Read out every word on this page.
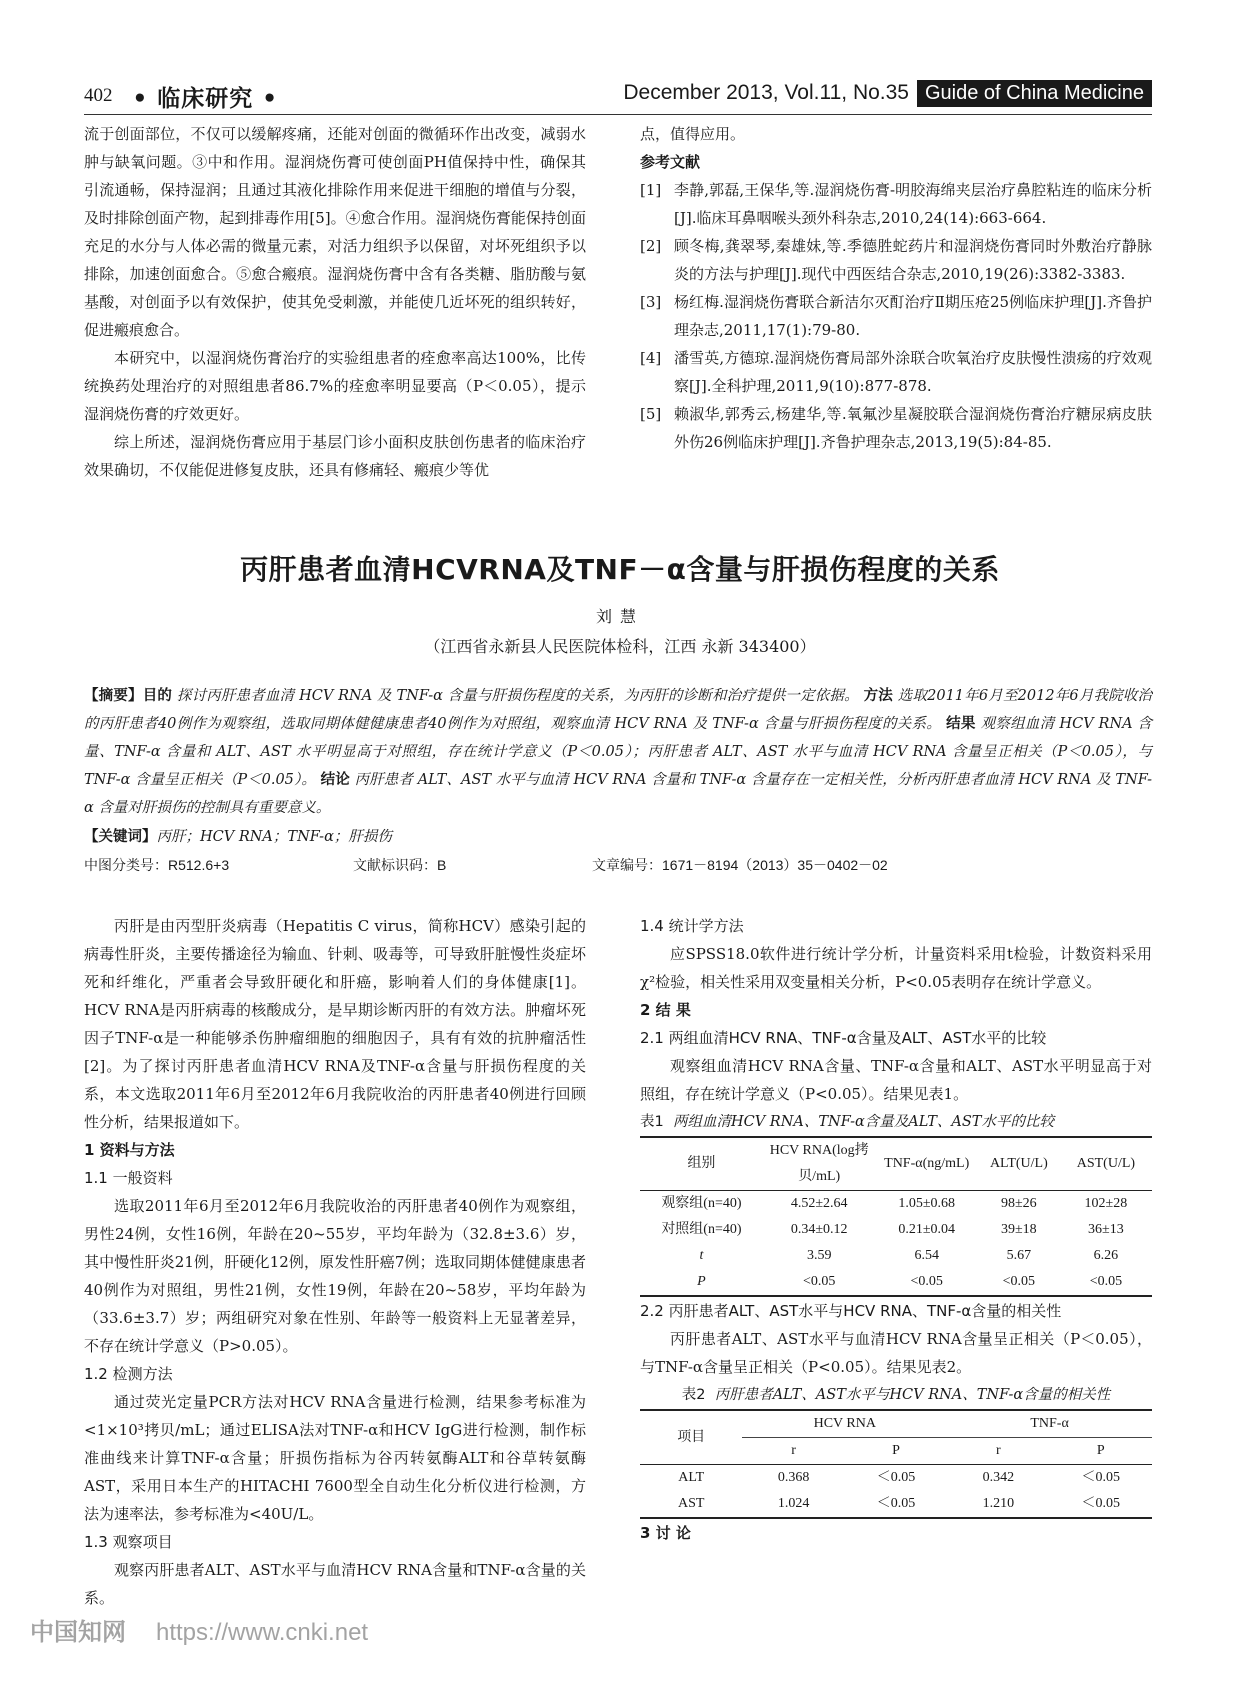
402 • 临床研究 •	December 2013, Vol.11, No.35 Guide of China Medicine

流于创面部位，不仅可以缓解疼痛，还能对创面的微循环作出改变，减弱水肿与缺氧问题。③中和作用。湿润烧伤膏可使创面PH值保持中性，确保其引流通畅，保持湿润；且通过其液化排除作用来促进干细胞的增值与分裂，及时排除创面产物，起到排毒作用[5]。④愈合作用。湿润烧伤膏能保持创面充足的水分与人体必需的微量元素，对活力组织予以保留，对坏死组织予以排除，加速创面愈合。⑤愈合瘢痕。湿润烧伤膏中含有各类糖、脂肪酸与氨基酸，对创面予以有效保护，使其免受刺激，并能使几近坏死的组织转好，促进瘢痕愈合。

本研究中，以湿润烧伤膏治疗的实验组患者的痊愈率高达100%，比传统换药处理治疗的对照组患者86.7%的痊愈率明显要高（P＜0.05），提示湿润烧伤膏的疗效更好。

综上所述，湿润烧伤膏应用于基层门诊小面积皮肤创伤患者的临床治疗效果确切，不仅能促进修复皮肤，还具有修痛轻、瘢痕少等优

点，值得应用。

参考文献

[1] 李静,郭磊,王保华,等.湿润烧伤膏-明胶海绵夹层治疗鼻腔粘连的临床分析[J].临床耳鼻咽喉头颈外科杂志,2010,24(14):663-664.
[2] 顾冬梅,龚翠琴,秦雄妹,等.季德胜蛇药片和湿润烧伤膏同时外敷治疗静脉炎的方法与护理[J].现代中西医结合杂志,2010,19(26):3382-3383.
[3] 杨红梅.湿润烧伤膏联合新洁尔灭酊治疗Ⅱ期压疮25例临床护理[J].齐鲁护理杂志,2011,17(1):79-80.
[4] 潘雪英,方德琼.湿润烧伤膏局部外涂联合吹氧治疗皮肤慢性溃疡的疗效观察[J].全科护理,2011,9(10):877-878.
[5] 赖淑华,郭秀云,杨建华,等.氧氟沙星凝胶联合湿润烧伤膏治疗糖尿病皮肤外伤26例临床护理[J].齐鲁护理杂志,2013,19(5):84-85.
丙肝患者血清HCVRNA及TNF－α含量与肝损伤程度的关系
刘慧
（江西省永新县人民医院体检科，江西 永新 343400）
【摘要】目的 探讨丙肝患者血清 HCV RNA 及 TNF-α 含量与肝损伤程度的关系，为丙肝的诊断和治疗提供一定依据。 方法 选取2011年6月至2012年6月我院收治的丙肝患者40例作为观察组，选取同期体健健康患者40例作为对照组，观察血清 HCV RNA 及 TNF-α 含量与肝损伤程度的关系。 结果 观察组血清 HCV RNA 含量、TNF-α 含量和 ALT、AST 水平明显高于对照组，存在统计学意义（P＜0.05）；丙肝患者 ALT、AST 水平与血清 HCV RNA 含量呈正相关（P＜0.05），与 TNF-α 含量呈正相关（P＜0.05）。 结论 丙肝患者 ALT、AST 水平与血清 HCV RNA 含量和 TNF-α 含量存在一定相关性，分析丙肝患者血清 HCV RNA 及 TNF-α 含量对肝损伤的控制具有重要意义。
【关键词】丙肝；HCV RNA；TNF-α；肝损伤
中图分类号：R512.6+3	文献标识码：B	文章编号：1671－8194（2013）35－0402－02

丙肝是由丙型肝炎病毒（Hepatitis C virus，简称HCV）感染引起的病毒性肝炎，主要传播途径为输血、针刺、吸毒等，可导致肝脏慢性炎症坏死和纤维化，严重者会导致肝硬化和肝癌，影响着人们的身体健康[1]。HCV RNA是丙肝病毒的核酸成分，是早期诊断丙肝的有效方法。肿瘤坏死因子TNF-α是一种能够杀伤肿瘤细胞的细胞因子，具有有效的抗肿瘤活性[2]。为了探讨丙肝患者血清HCV RNA及TNF-α含量与肝损伤程度的关系，本文选取2011年6月至2012年6月我院收治的丙肝患者40例进行回顾性分析，结果报道如下。

1 资料与方法

1.1 一般资料

选取2011年6月至2012年6月我院收治的丙肝患者40例作为观察组，男性24例，女性16例，年龄在20~55岁，平均年龄为（32.8±3.6）岁，其中慢性肝炎21例，肝硬化12例，原发性肝癌7例；选取同期体健健康患者40例作为对照组，男性21例，女性19例，年龄在20~58岁，平均年龄为（33.6±3.7）岁；两组研究对象在性别、年龄等一般资料上无显著差异，不存在统计学意义（P>0.05）。

1.2 检测方法

通过荧光定量PCR方法对HCV RNA含量进行检测，结果参考标准为<1×10³拷贝/mL；通过ELISA法对TNF-α和HCV IgG进行检测，制作标准曲线来计算TNF-α含量；肝损伤指标为谷丙转氨酶ALT和谷草转氨酶AST，采用日本生产的HITACHI 7600型全自动生化分析仪进行检测，方法为速率法，参考标准为<40U/L。

1.3 观察项目

观察丙肝患者ALT、AST水平与血清HCV RNA含量和TNF-α含量的关系。

1.4 统计学方法

应SPSS18.0软件进行统计学分析，计量资料采用t检验，计数资料采用χ²检验，相关性采用双变量相关分析，P<0.05表明存在统计学意义。

2 结 果

2.1 两组血清HCV RNA、TNF-α含量及ALT、AST水平的比较

观察组血清HCV RNA含量、TNF-α含量和ALT、AST水平明显高于对照组，存在统计学意义（P<0.05）。结果见表1。

表1 两组血清HCV RNA、TNF-α含量及ALT、AST水平的比较

组别	HCV RNA(log拷贝/mL)	TNF-α(ng/mL)	ALT(U/L)	AST(U/L)
观察组(n=40)	4.52±2.64	1.05±0.68	98±26	102±28
对照组(n=40)	0.34±0.12	0.21±0.04	39±18	36±13
t	3.59	6.54	5.67	6.26
P	<0.05	<0.05	<0.05	<0.05

2.2 丙肝患者ALT、AST水平与HCV RNA、TNF-α含量的相关性

丙肝患者ALT、AST水平与血清HCV RNA含量呈正相关（P＜0.05），与TNF-α含量呈正相关（P<0.05）。结果见表2。

表2 丙肝患者ALT、AST水平与HCV RNA、TNF-α含量的相关性

项目	HCV RNA		TNF-α	
	r	P	r	P
ALT	0.368	＜0.05	0.342	＜0.05
AST	1.024	＜0.05	1.210	＜0.05

3 讨 论

中国知网 https://www.cnki.net
